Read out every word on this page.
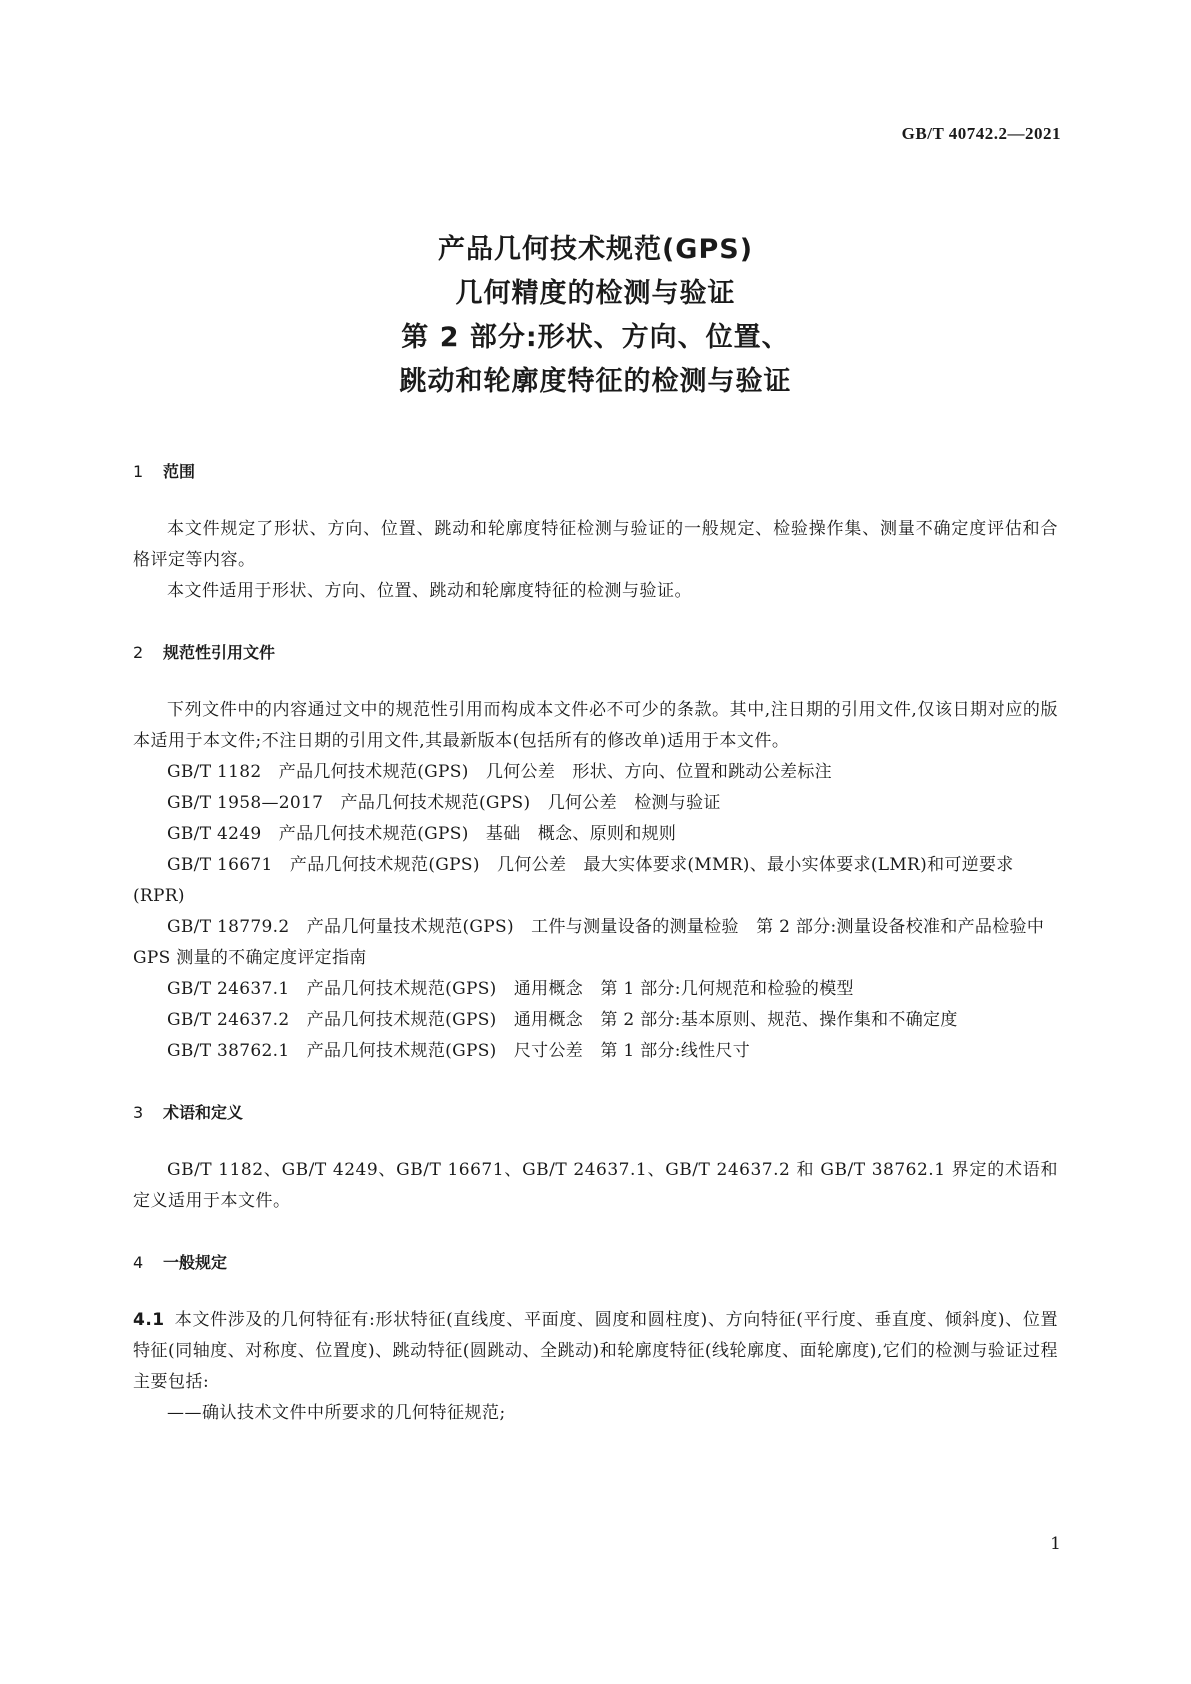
GB/T 40742.2—2021
产品几何技术规范(GPS)
几何精度的检测与验证
第 2 部分:形状、方向、位置、
跳动和轮廓度特征的检测与验证
1 范围

本文件规定了形状、方向、位置、跳动和轮廓度特征检测与验证的一般规定、检验操作集、测量不确定度评估和合格评定等内容。

本文件适用于形状、方向、位置、跳动和轮廓度特征的检测与验证。

2 规范性引用文件

下列文件中的内容通过文中的规范性引用而构成本文件必不可少的条款。其中,注日期的引用文件,仅该日期对应的版本适用于本文件;不注日期的引用文件,其最新版本(包括所有的修改单)适用于本文件。

GB/T 1182　产品几何技术规范(GPS)　几何公差　形状、方向、位置和跳动公差标注

GB/T 1958—2017　产品几何技术规范(GPS)　几何公差　检测与验证

GB/T 4249　产品几何技术规范(GPS)　基础　概念、原则和规则

GB/T 16671　产品几何技术规范(GPS)　几何公差　最大实体要求(MMR)、最小实体要求(LMR)和可逆要求(RPR)

GB/T 18779.2　产品几何量技术规范(GPS)　工件与测量设备的测量检验　第 2 部分:测量设备校准和产品检验中 GPS 测量的不确定度评定指南

GB/T 24637.1　产品几何技术规范(GPS)　通用概念　第 1 部分:几何规范和检验的模型

GB/T 24637.2　产品几何技术规范(GPS)　通用概念　第 2 部分:基本原则、规范、操作集和不确定度

GB/T 38762.1　产品几何技术规范(GPS)　尺寸公差　第 1 部分:线性尺寸

3 术语和定义

GB/T 1182、GB/T 4249、GB/T 16671、GB/T 24637.1、GB/T 24637.2 和 GB/T 38762.1 界定的术语和定义适用于本文件。

4 一般规定

4.1 本文件涉及的几何特征有:形状特征(直线度、平面度、圆度和圆柱度)、方向特征(平行度、垂直度、倾斜度)、位置特征(同轴度、对称度、位置度)、跳动特征(圆跳动、全跳动)和轮廓度特征(线轮廓度、面轮廓度),它们的检测与验证过程主要包括:

——确认技术文件中所要求的几何特征规范;

1
